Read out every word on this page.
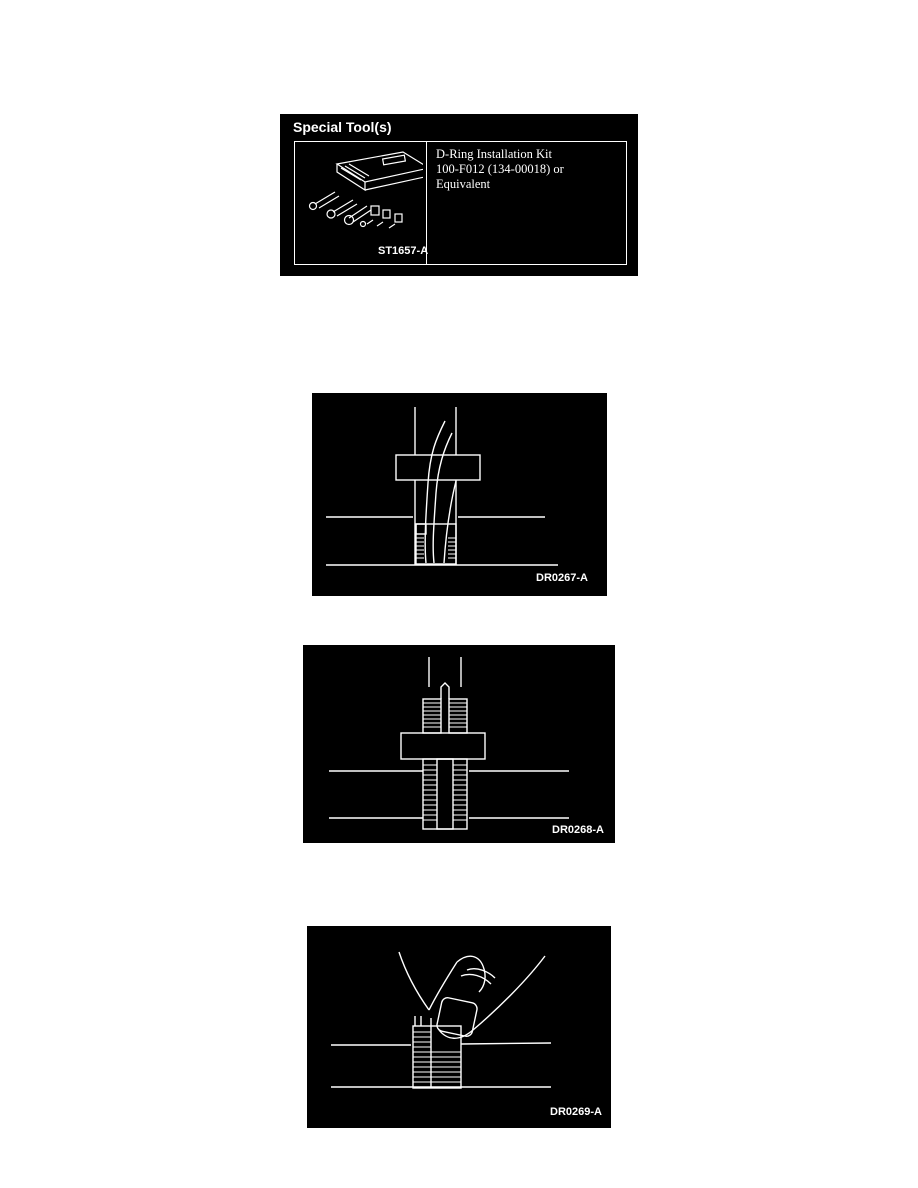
Special Tool(s)
ST1657-A
D-Ring Installation Kit
100-F012 (134-00018) or
Equivalent
DR0267-A
DR0268-A
DR0269-A
